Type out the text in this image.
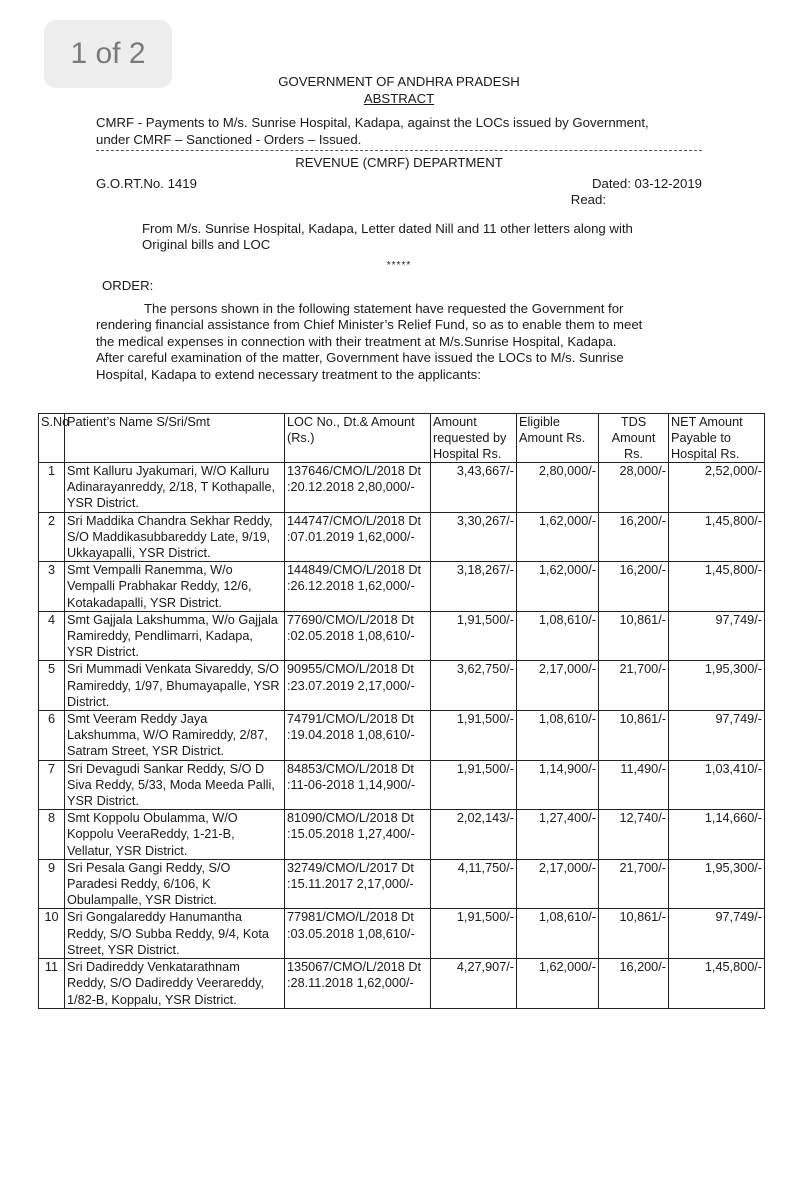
1 of 2
GOVERNMENT OF ANDHRA PRADESH
ABSTRACT
CMRF - Payments to M/s. Sunrise Hospital, Kadapa, against the LOCs issued by Government,
under CMRF – Sanctioned - Orders – Issued.
REVENUE (CMRF) DEPARTMENT
G.O.RT.No. 1419	Dated: 03-12-2019
Read:
From M/s. Sunrise Hospital, Kadapa, Letter dated Nill and 11 other letters along with
Original bills and LOC
*****
ORDER:
The persons shown in the following statement have requested the Government for
rendering financial assistance from Chief Minister’s Relief Fund, so as to enable them to meet
the medical expenses in connection with their treatment at M/s.Sunrise Hospital, Kadapa.
After careful examination of the matter, Government have issued the LOCs to M/s. Sunrise
Hospital, Kadapa to extend necessary treatment to the applicants:
S.No	Patient’s Name S/Sri/Smt	LOC No., Dt.& Amount (Rs.)	Amount requested by Hospital Rs.	Eligible Amount Rs.	TDS Amount Rs.	NET Amount Payable to Hospital Rs.
1	Smt Kalluru Jyakumari, W/O Kalluru Adinarayanreddy, 2/18, T Kothapalle, YSR District.	137646/CMO/L/2018 Dt :20.12.2018 2,80,000/-	3,43,667/-	2,80,000/-	28,000/-	2,52,000/-
2	Sri Maddika Chandra Sekhar Reddy, S/O Maddikasubbareddy Late, 9/19, Ukkayapalli, YSR District.	144747/CMO/L/2018 Dt :07.01.2019 1,62,000/-	3,30,267/-	1,62,000/-	16,200/-	1,45,800/-
3	Smt Vempalli Ranemma, W/o Vempalli Prabhakar Reddy, 12/6, Kotakadapalli, YSR District.	144849/CMO/L/2018 Dt :26.12.2018 1,62,000/-	3,18,267/-	1,62,000/-	16,200/-	1,45,800/-
4	Smt Gajjala Lakshumma, W/o Gajjala Ramireddy, Pendlimarri, Kadapa, YSR District.	77690/CMO/L/2018 Dt :02.05.2018 1,08,610/-	1,91,500/-	1,08,610/-	10,861/-	97,749/-
5	Sri Mummadi Venkata Sivareddy, S/O Ramireddy, 1/97, Bhumayapalle, YSR District.	90955/CMO/L/2018 Dt :23.07.2019 2,17,000/-	3,62,750/-	2,17,000/-	21,700/-	1,95,300/-
6	Smt Veeram Reddy Jaya Lakshumma, W/O Ramireddy, 2/87, Satram Street, YSR District.	74791/CMO/L/2018 Dt :19.04.2018 1,08,610/-	1,91,500/-	1,08,610/-	10,861/-	97,749/-
7	Sri Devagudi Sankar Reddy, S/O D Siva Reddy, 5/33, Moda Meeda Palli, YSR District.	84853/CMO/L/2018 Dt :11-06-2018 1,14,900/-	1,91,500/-	1,14,900/-	11,490/-	1,03,410/-
8	Smt Koppolu Obulamma, W/O Koppolu VeeraReddy, 1-21-B, Vellatur, YSR District.	81090/CMO/L/2018 Dt :15.05.2018 1,27,400/-	2,02,143/-	1,27,400/-	12,740/-	1,14,660/-
9	Sri Pesala Gangi Reddy, S/O Paradesi Reddy, 6/106, K Obulampalle, YSR District.	32749/CMO/L/2017 Dt :15.11.2017 2,17,000/-	4,11,750/-	2,17,000/-	21,700/-	1,95,300/-
10	Sri Gongalareddy Hanumantha Reddy, S/O Subba Reddy, 9/4, Kota Street, YSR District.	77981/CMO/L/2018 Dt :03.05.2018 1,08,610/-	1,91,500/-	1,08,610/-	10,861/-	97,749/-
11	Sri Dadireddy Venkatarathnam Reddy, S/O Dadireddy Veerareddy, 1/82-B, Koppalu, YSR District.	135067/CMO/L/2018 Dt :28.11.2018 1,62,000/-	4,27,907/-	1,62,000/-	16,200/-	1,45,800/-
